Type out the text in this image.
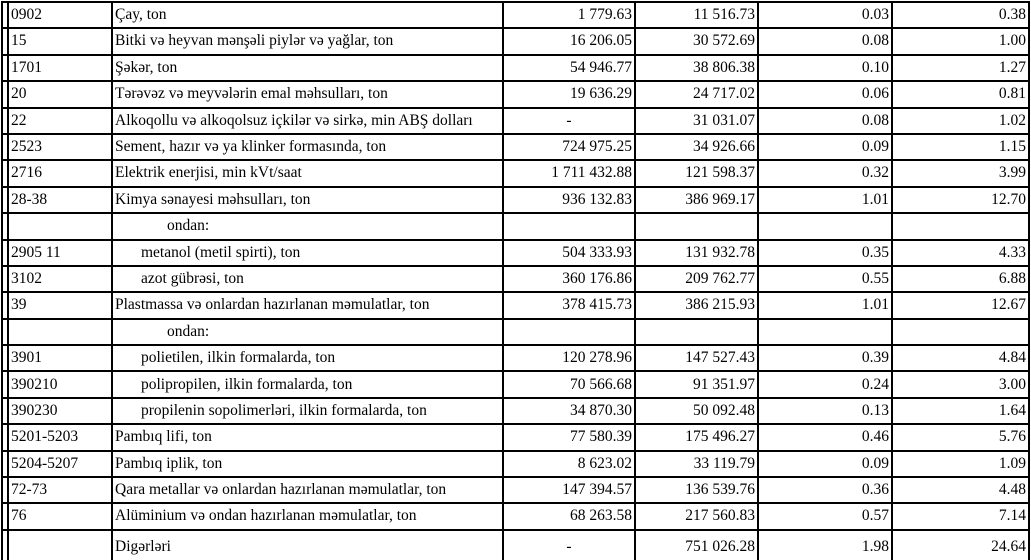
	0902	Çay, ton	1 779.63	11 516.73	0.03	0.38
	15	Bitki və heyvan mənşəli piylər və yağlar, ton	16 206.05	30 572.69	0.08	1.00
	1701	Şəkər, ton	54 946.77	38 806.38	0.10	1.27
	20	Tərəvəz və meyvələrin emal məhsulları, ton	19 636.29	24 717.02	0.06	0.81
	22	Alkoqollu və alkoqolsuz içkilər və sirkə, min ABŞ dolları	-	31 031.07	0.08	1.02
	2523	Sement, hazır və ya klinker formasında, ton	724 975.25	34 926.66	0.09	1.15
	2716	Elektrik enerjisi, min kVt/saat	1 711 432.88	121 598.37	0.32	3.99
	28-38	Kimya sənayesi məhsulları, ton	936 132.83	386 969.17	1.01	12.70
		ondan:				
	2905 11	metanol (metil spirti), ton	504 333.93	131 932.78	0.35	4.33
	3102	azot gübrəsi, ton	360 176.86	209 762.77	0.55	6.88
	39	Plastmassa və onlardan hazırlanan məmulatlar, ton	378 415.73	386 215.93	1.01	12.67
		ondan:				
	3901	polietilen, ilkin formalarda, ton	120 278.96	147 527.43	0.39	4.84
	390210	polipropilen, ilkin formalarda, ton	70 566.68	91 351.97	0.24	3.00
	390230	propilenin sopolimerləri, ilkin formalarda, ton	34 870.30	50 092.48	0.13	1.64
	5201-5203	Pambıq lifi, ton	77 580.39	175 496.27	0.46	5.76
	5204-5207	Pambıq iplik, ton	8 623.02	33 119.79	0.09	1.09
	72-73	Qara metallar və onlardan hazırlanan məmulatlar, ton	147 394.57	136 539.76	0.36	4.48
	76	Alüminium və ondan hazırlanan məmulatlar, ton	68 263.58	217 560.83	0.57	7.14
		Digərləri	-	751 026.28	1.98	24.64
